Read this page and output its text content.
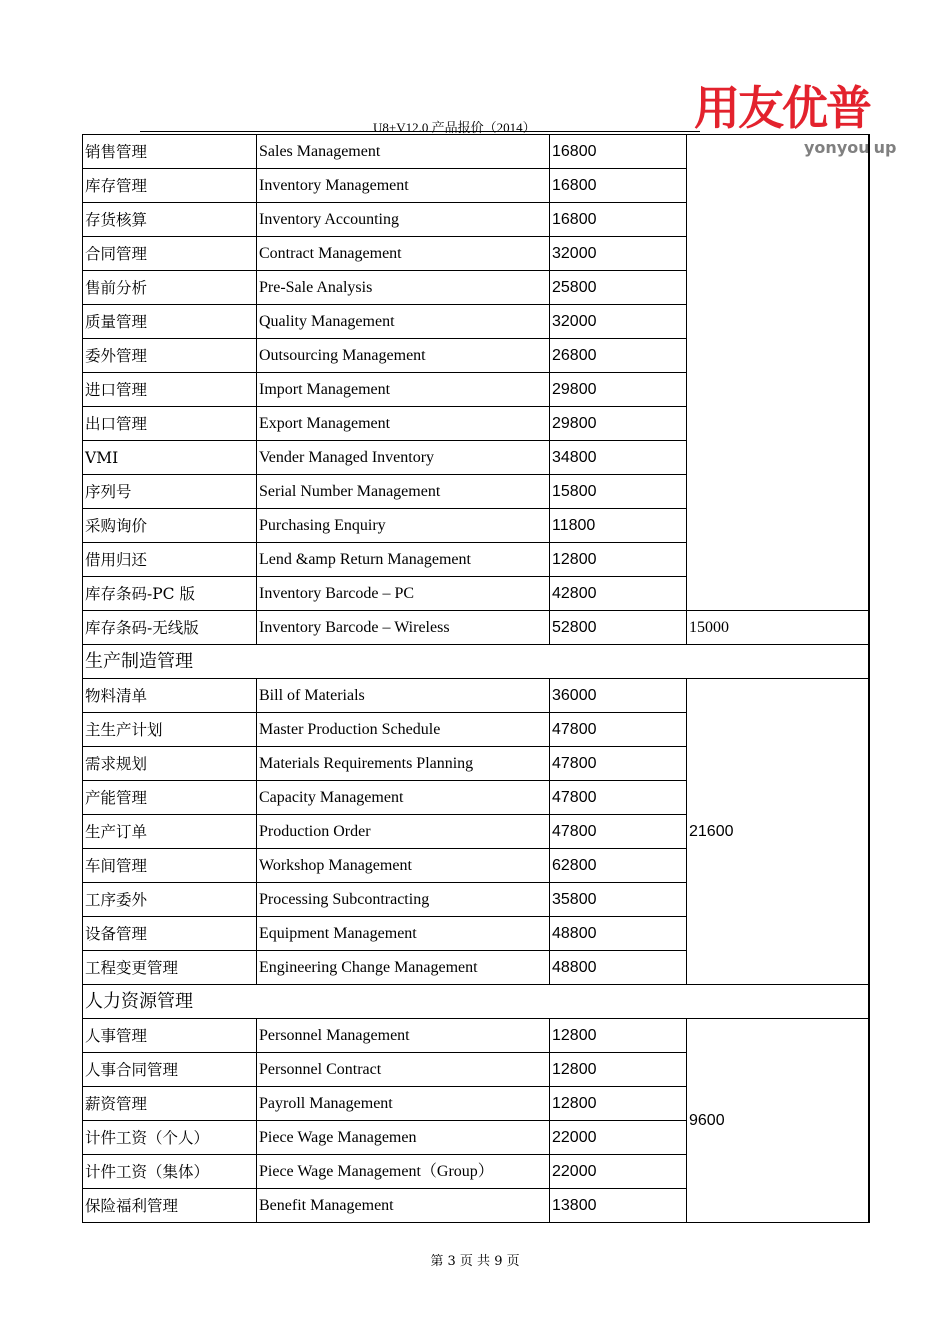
U8+V12.0 产品报价（2014）	用友优普
yonyou up
销售管理	Sales Management	16800	
库存管理	Inventory Management	16800	
存货核算	Inventory Accounting	16800	
合同管理	Contract Management	32000	
售前分析	Pre-Sale Analysis	25800	
质量管理	Quality Management	32000	
委外管理	Outsourcing Management	26800	
进口管理	Import Management	29800	
出口管理	Export Management	29800	
VMI	Vender Managed Inventory	34800	
序列号	Serial Number Management	15800	
采购询价	Purchasing Enquiry	11800	
借用归还	Lend &amp Return Management	12800	
库存条码-PC 版	Inventory Barcode – PC	42800	
库存条码-无线版	Inventory Barcode – Wireless	52800	15000
生产制造管理			
物料清单	Bill of Materials	36000	21600
主生产计划	Master Production Schedule	47800	
需求规划	Materials Requirements Planning	47800	
产能管理	Capacity Management	47800	
生产订单	Production Order	47800	
车间管理	Workshop Management	62800	
工序委外	Processing Subcontracting	35800	
设备管理	Equipment Management	48800	
工程变更管理	Engineering Change Management	48800	
人力资源管理			
人事管理	Personnel Management	12800	9600
人事合同管理	Personnel Contract	12800	
薪资管理	Payroll Management	12800	
计件工资（个人）	Piece Wage Managemen	22000	
计件工资（集体）	Piece Wage Management（Group）	22000	
保险福利管理	Benefit Management	13800	
第 3 页 共 9 页
